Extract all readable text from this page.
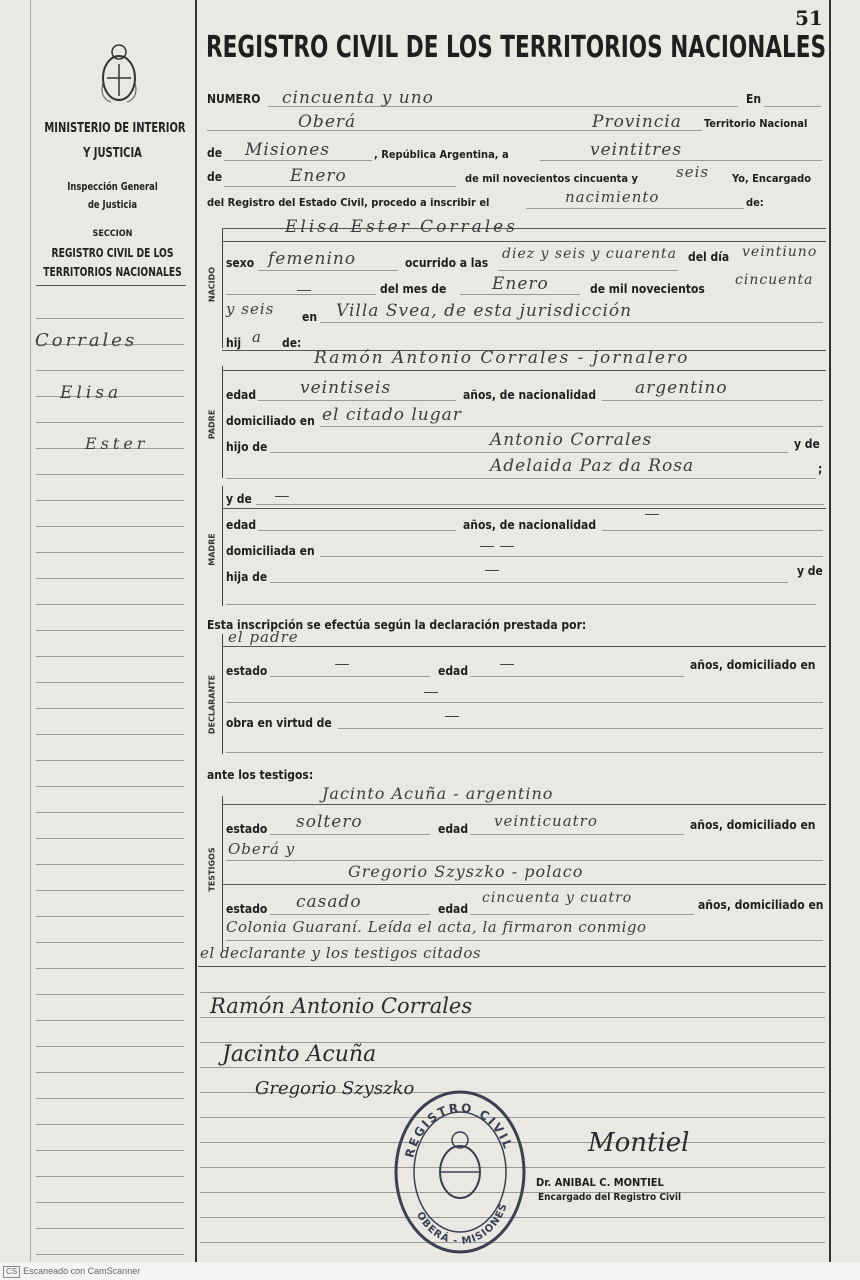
51
REGISTRO CIVIL DE LOS TERRITORIOS NACIONALES
MINISTERIO DE INTERIOR
Y JUSTICIA
Inspección General
de Justicia
SECCION
REGISTRO CIVIL DE LOS
TERRITORIOS NACIONALES
Corrales
Elisa
Ester
NUMERO cincuenta y uno	En
Oberá	Provincia Territorio Nacional
de Misiones	, República Argentina, a	veintitres
de	Enero	de mil novecientos cincuenta y	seis Yo, Encargado
del Registro del Estado Civil, procedo a inscribir el	nacimiento	de:
NACIDO
Elisa Ester Corrales
sexo femenino	ocurrido a las
diez y seis y cuarenta del día veintiuno
del mes de	Enero	de mil novecientos
cincuenta
y seis en Villa Svea, de esta jurisdicción
hij a de:
PADRE
Ramón Antonio Corrales - jornalero
edad	veintiseis	años, de nacionalidad argentino
domiciliado en el citado lugar
hijo de	Antonio Corrales	y de
Adelaida Paz da Rosa	;
MADRE
y de
edad	años, de nacionalidad
domiciliada en
hija de	y de
Esta inscripción se efectúa según la declaración prestada por:
DECLARANTE
el padre
estado	edad	años, domiciliado en
obra en virtud de
ante los testigos:
TESTIGOS
Jacinto Acuña - argentino
estado soltero	edad veinticuatro	años, domiciliado en
Oberá y
Gregorio Szyszko - polaco
estado casado	edad
cincuenta y cuatro	años, domiciliado en
Colonia Guaraní. Leída el acta, la firmaron conmigo
el declarante y los testigos citados
Ramón Antonio Corrales
Jacinto Acuña
Gregorio Szyszko
Montiel
Dr. ANIBAL C. MONTIEL
Encargado del Registro Civil
REGISTRO CIVIL
OBERÁ - MISIONES
CS Escaneado con CamScanner
